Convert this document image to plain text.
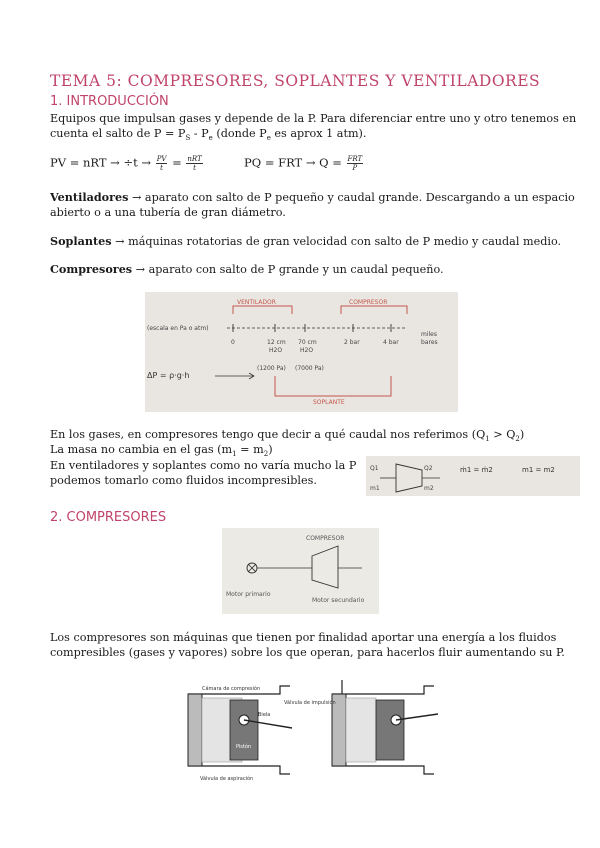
TEMA 5: COMPRESORES, SOPLANTES Y VENTILADORES
1. INTRODUCCIÓN
Equipos que impulsan gases y depende de la P. Para diferenciar entre uno y otro tenemos en
cuenta el salto de $P = P_S - P_e$ (donde $P_e$ es aprox 1 atm).
PV = nRT → $\div t \to \frac{PV}{t} = \frac{\text{nRT}}{t}$	PQ = FRT → $Q = \frac{\text{FRT}}{P}$
Ventiladores → aparato con salto de P pequeño y caudal grande. Descargando a un espacio
abierto o a una tubería de gran diámetro.
Soplantes → máquinas rotatorias de gran velocidad con salto de P medio y caudal medio.
Compresores → aparato con salto de P grande y un caudal pequeño.
VENTILADOR	COMPRESOR
SOPLANTE
(escala en Pa o atm)
0	12 cm
H2O
70 cm
H2O
2 bar	4 bar
miles
bares
ΔP = ρ·g·h
(1200 Pa) (7000 Pa)
En los gases, en compresores tengo que decir a qué caudal nos referimos $(Q_1 > Q_2)$
La masa no cambia en el gas $(m_1 = m_2)$
En ventiladores y soplantes como no varía mucho la P
podemos tomarlo como fluidos incompresibles.
Q1
m1
Q2
m2
ṁ1 = ṁ2	m1 = m2
2. COMPRESORES
COMPRESOR
Motor primario
Motor secundario
Los compresores son máquinas que tienen por finalidad aportar una energía a los fluidos
compresibles (gases y vapores) sobre los que operan, para hacerlos fluir aumentando su P.
Cámara de compresión
Válvula de aspiración
Pistón
Biela
Válvula de impulsión
